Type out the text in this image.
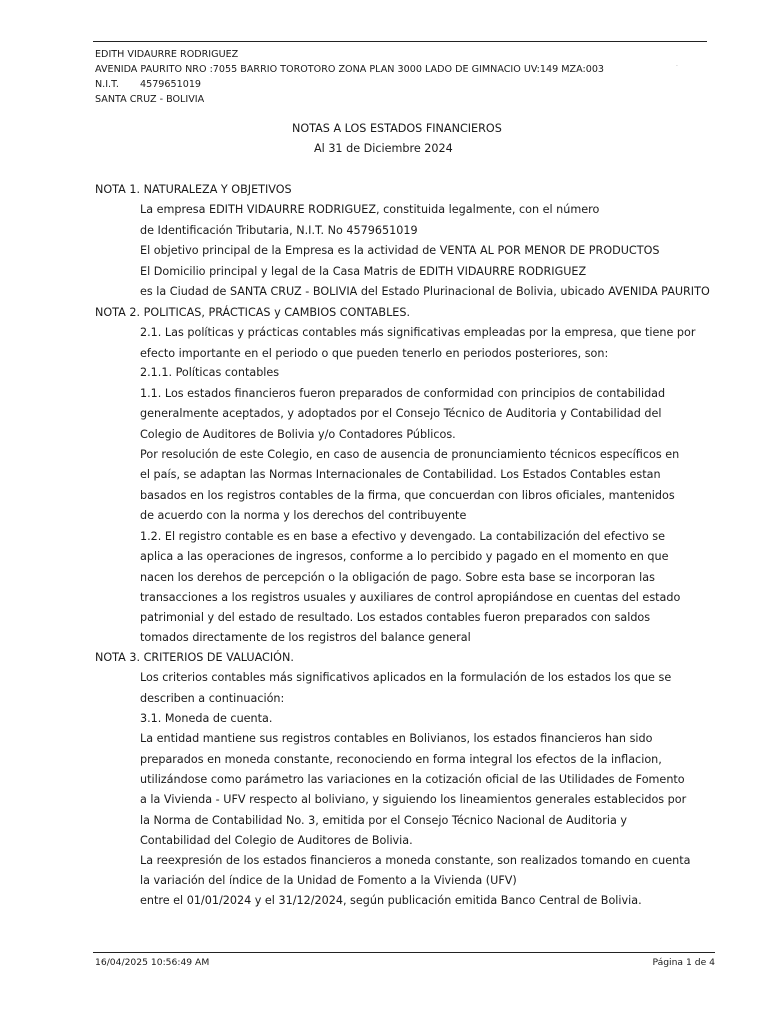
EDITH VIDAURRE RODRIGUEZ
AVENIDA PAURITO NRO :7055 BARRIO TOROTORO ZONA PLAN 3000 LADO DE GIMNACIO UV:149 MZA:003
N.I.T. 4579651019
SANTA CRUZ - BOLIVIA
·
NOTAS A LOS ESTADOS FINANCIEROS
Al 31 de Diciembre 2024
NOTA 1. NATURALEZA Y OBJETIVOS
La empresa EDITH VIDAURRE RODRIGUEZ, constituida legalmente, con el número
de Identificación Tributaria, N.I.T. No 4579651019
El objetivo principal de la Empresa es la actividad de VENTA AL POR MENOR DE PRODUCTOS
El Domicilio principal y legal de la Casa Matris de EDITH VIDAURRE RODRIGUEZ
es la Ciudad de SANTA CRUZ - BOLIVIA del Estado Plurinacional de Bolivia, ubicado AVENIDA PAURITO
NOTA 2. POLITICAS, PRÁCTICAS y CAMBIOS CONTABLES.
2.1. Las políticas y prácticas contables más significativas empleadas por la empresa, que tiene por
efecto importante en el periodo o que pueden tenerlo en periodos posteriores, son:
2.1.1. Políticas contables
1.1. Los estados financieros fueron preparados de conformidad con principios de contabilidad
generalmente aceptados, y adoptados por el Consejo Técnico de Auditoria y Contabilidad del
Colegio de Auditores de Bolivia y/o Contadores Públicos.
Por resolución de este Colegio, en caso de ausencia de pronunciamiento técnicos específicos en
el país, se adaptan las Normas Internacionales de Contabilidad. Los Estados Contables estan
basados en los registros contables de la firma, que concuerdan con libros oficiales, mantenidos
de acuerdo con la norma y los derechos del contribuyente
1.2. El registro contable es en base a efectivo y devengado. La contabilización del efectivo se
aplica a las operaciones de ingresos, conforme a lo percibido y pagado en el momento en que
nacen los derehos de percepción o la obligación de pago. Sobre esta base se incorporan las
transacciones a los registros usuales y auxiliares de control apropiándose en cuentas del estado
patrimonial y del estado de resultado. Los estados contables fueron preparados con saldos
tomados directamente de los registros del balance general
NOTA 3. CRITERIOS DE VALUACIÓN.
Los criterios contables más significativos aplicados en la formulación de los estados los que se
describen a continuación:
3.1. Moneda de cuenta.
La entidad mantiene sus registros contables en Bolivianos, los estados financieros han sido
preparados en moneda constante, reconociendo en forma integral los efectos de la inflacion,
utilizándose como parámetro las variaciones en la cotización oficial de las Utilidades de Fomento
a la Vivienda - UFV respecto al boliviano, y siguiendo los lineamientos generales establecidos por
la Norma de Contabilidad No. 3, emitida por el Consejo Técnico Nacional de Auditoria y
Contabilidad del Colegio de Auditores de Bolivia.
La reexpresión de los estados financieros a moneda constante, son realizados tomando en cuenta
la variación del índice de la Unidad de Fomento a la Vivienda (UFV)
entre el 01/01/2024 y el 31/12/2024, según publicación emitida Banco Central de Bolivia.
16/04/2025 10:56:49 AM	Página 1 de 4
